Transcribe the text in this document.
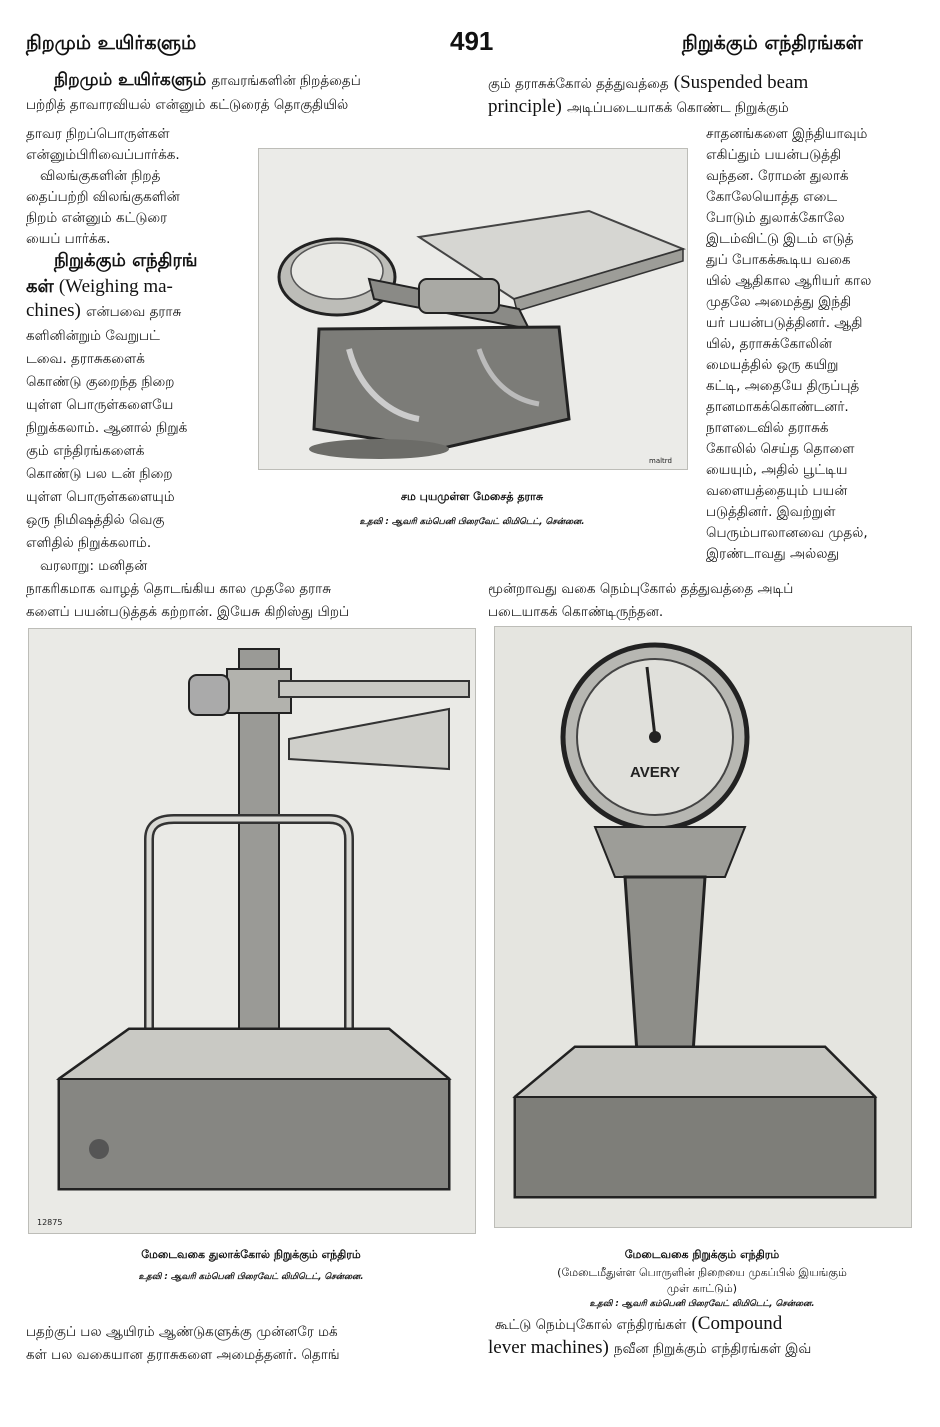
நிறமும் உயிர்களும்	491	நிறுக்கும் எந்திரங்கள்
நிறமும் உயிர்களும் தாவரங்களின் நிறத்தைப்
பற்றித் தாவாரவியல் என்னும் கட்டுரைத் தொகுதியில்
தாவர நிறப்பொருள்கள்
என்னும்பிரிவைப்பார்க்க.
விலங்குகளின் நிறத்
தைப்பற்றி விலங்குகளின்
நிறம் என்னும் கட்டுரை
யைப் பார்க்க.
நிறுக்கும் எந்திரங்
கள் (Weighing ma-
chines) என்பவை தராசு
களினின்றும் வேறுபட்
டவை. தராசுகளைக்
கொண்டு குறைந்த நிறை
யுள்ள பொருள்களையே
நிறுக்கலாம். ஆனால் நிறுக்
கும் எந்திரங்களைக்
கொண்டு பல டன் நிறை
யுள்ள பொருள்களையும்
ஒரு நிமிஷத்தில் வெகு
எளிதில் நிறுக்கலாம்.
வரலாறு: மனிதன்
நாகரிகமாக வாழத் தொடங்கிய கால முதலே தராசு
களைப் பயன்படுத்தக் கற்றான். இயேசு கிறிஸ்து பிறப்
maltrd
சம புயமுள்ள மேசைத் தராசு
உதவி : ஆவரி கம்பெனி பிரைவேட் லிமிடெட், சென்னை.
கும் தராசுக்கோல் தத்துவத்தை (Suspended beam
principle) அடிப்படையாகக் கொண்ட நிறுக்கும்
சாதனங்களை இந்தியாவும்
எகிப்தும் பயன்படுத்தி
வந்தன. ரோமன் துலாக்
கோலேயொத்த எடை
போடும் துலாக்கோலே
இடம்விட்டு இடம் எடுத்
துப் போகக்கூடிய வகை
யில் ஆதிகால ஆரியர் கால
முதலே அமைத்து இந்தி
யர் பயன்படுத்தினர். ஆதி
யில், தராசுக்கோலின்
மையத்தில் ஒரு கயிறு
கட்டி, அதையே திருப்புத்
தானமாகக்கொண்டனர்.
நாளடைவில் தராசுக்
கோலில் செய்த தொளை
யையும், அதில் பூட்டிய
வளையத்தையும் பயன்
படுத்தினர். இவற்றுள்
பெரும்பாலானவை முதல்,
இரண்டாவது அல்லது
மூன்றாவது வகை நெம்புகோல் தத்துவத்தை அடிப்
படையாகக் கொண்டிருந்தன.
12875
மேடைவகை துலாக்கோல் நிறுக்கும் எந்திரம்
உதவி : ஆவரி கம்பெனி பிரைவேட் லிமிடெட், சென்னை.
AVERY
மேடைவகை நிறுக்கும் எந்திரம்
(மேடைமீதுள்ள பொருளின் நிறையை முகப்பில் இயங்கும்
முள் காட்டும்)
உதவி : ஆவரி கம்பெனி பிரைவேட் லிமிடெட், சென்னை.
பதற்குப் பல ஆயிரம் ஆண்டுகளுக்கு முன்னரே மக்
கள் பல வகையான தராசுகளை அமைத்தனர். தொங்
கூட்டு நெம்புகோல் எந்திரங்கள் (Compound
lever machines) நவீன நிறுக்கும் எந்திரங்கள் இவ்
